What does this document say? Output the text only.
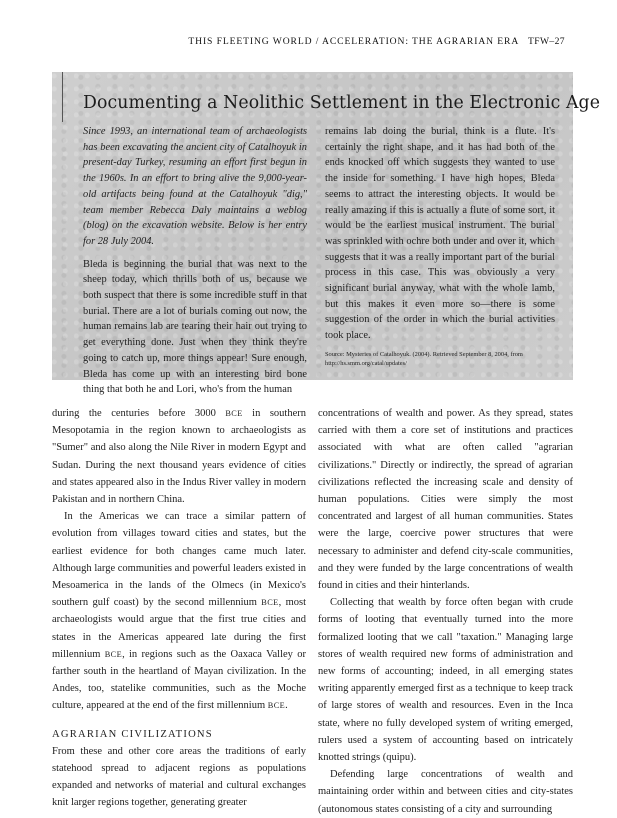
THIS FLEETING WORLD / ACCELERATION: THE AGRARIAN ERA TFW–27
Documenting a Neolithic Settlement in the Electronic Age

Since 1993, an international team of archaeologists has been excavating the ancient city of Catalhoyuk in present-day Turkey, resuming an effort first begun in the 1960s. In an effort to bring alive the 9,000-year-old artifacts being found at the Catalhoyuk "dig," team member Rebecca Daly maintains a weblog (blog) on the excavation website. Below is her entry for 28 July 2004.

Bleda is beginning the burial that was next to the sheep today, which thrills both of us, because we both suspect that there is some incredible stuff in that burial. There are a lot of burials coming out now, the human remains lab are tearing their hair out trying to get everything done. Just when they think they're going to catch up, more things appear! Sure enough, Bleda has come up with an interesting bird bone thing that both he and Lori, who's from the human

remains lab doing the burial, think is a flute. It's certainly the right shape, and it has had both of the ends knocked off which suggests they wanted to use the inside for something. I have high hopes, Bleda seems to attract the interesting objects. It would be really amazing if this is actually a flute of some sort, it would be the earliest musical instrument. The burial was sprinkled with ochre both under and over it, which suggests that it was a really important part of the burial process in this case. This was obviously a very significant burial anyway, what with the whole lamb, but this makes it even more so—there is some suggestion of the order in which the burial activities took place.

Source: Mysteries of Catalhoyuk. (2004). Retrieved September 8, 2004, from http://hs.smm.org/catal/updates/

during the centuries before 3000 BCE in southern Mesopotamia in the region known to archaeologists as "Sumer" and also along the Nile River in modern Egypt and Sudan. During the next thousand years evidence of cities and states appeared also in the Indus River valley in modern Pakistan and in northern China.

In the Americas we can trace a similar pattern of evolution from villages toward cities and states, but the earliest evidence for both changes came much later. Although large communities and powerful leaders existed in Mesoamerica in the lands of the Olmecs (in Mexico's southern gulf coast) by the second millennium BCE, most archaeologists would argue that the first true cities and states in the Americas appeared late during the first millennium BCE, in regions such as the Oaxaca Valley or farther south in the heartland of Mayan civilization. In the Andes, too, statelike communities, such as the Moche culture, appeared at the end of the first millennium BCE.

AGRARIAN CIVILIZATIONS

From these and other core areas the traditions of early statehood spread to adjacent regions as populations expanded and networks of material and cultural exchanges knit larger regions together, generating greater

concentrations of wealth and power. As they spread, states carried with them a core set of institutions and practices associated with what are often called "agrarian civilizations." Directly or indirectly, the spread of agrarian civilizations reflected the increasing scale and density of human populations. Cities were simply the most concentrated and largest of all human communities. States were the large, coercive power structures that were necessary to administer and defend city-scale communities, and they were funded by the large concentrations of wealth found in cities and their hinterlands.

Collecting that wealth by force often began with crude forms of looting that eventually turned into the more formalized looting that we call "taxation." Managing large stores of wealth required new forms of administration and new forms of accounting; indeed, in all emerging states writing apparently emerged first as a technique to keep track of large stores of wealth and resources. Even in the Inca state, where no fully developed system of writing emerged, rulers used a system of accounting based on intricately knotted strings (quipu).

Defending large concentrations of wealth and maintaining order within and between cities and city-states (autonomous states consisting of a city and surrounding
